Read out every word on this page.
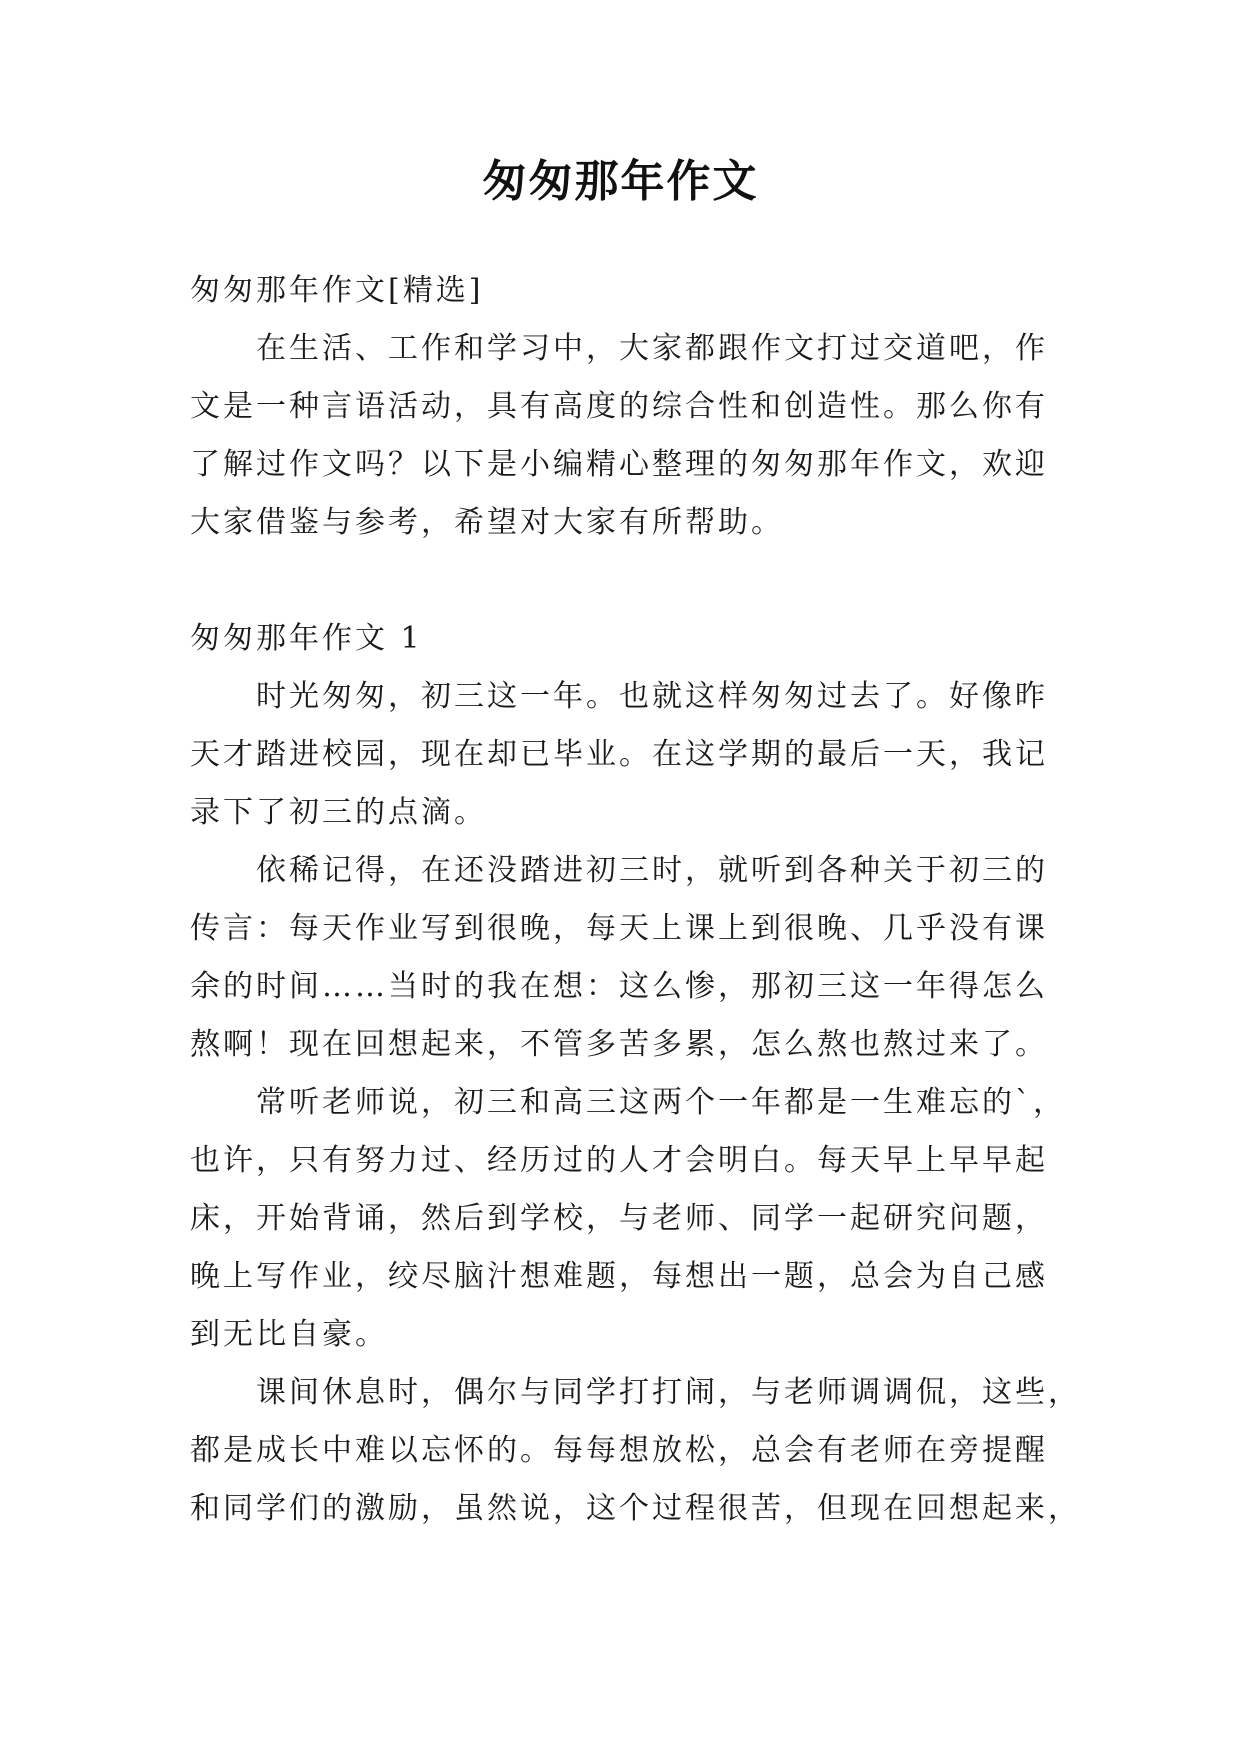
匆匆那年作文

匆匆那年作文[精选]

在生活、工作和学习中，大家都跟作文打过交道吧，作

文是一种言语活动，具有高度的综合性和创造性。那么你有

了解过作文吗？以下是小编精心整理的匆匆那年作文，欢迎

大家借鉴与参考，希望对大家有所帮助。

匆匆那年作文 1

时光匆匆，初三这一年。也就这样匆匆过去了。好像昨

天才踏进校园，现在却已毕业。在这学期的最后一天，我记

录下了初三的点滴。

依稀记得，在还没踏进初三时，就听到各种关于初三的

传言：每天作业写到很晚，每天上课上到很晚、几乎没有课

余的时间……当时的我在想：这么惨，那初三这一年得怎么

熬啊！现在回想起来，不管多苦多累，怎么熬也熬过来了。

常听老师说，初三和高三这两个一年都是一生难忘的`，

也许，只有努力过、经历过的人才会明白。每天早上早早起

床，开始背诵，然后到学校，与老师、同学一起研究问题，

晚上写作业，绞尽脑汁想难题，每想出一题，总会为自己感

到无比自豪。

课间休息时，偶尔与同学打打闹，与老师调调侃，这些，

都是成长中难以忘怀的。每每想放松，总会有老师在旁提醒

和同学们的激励，虽然说，这个过程很苦，但现在回想起来，
